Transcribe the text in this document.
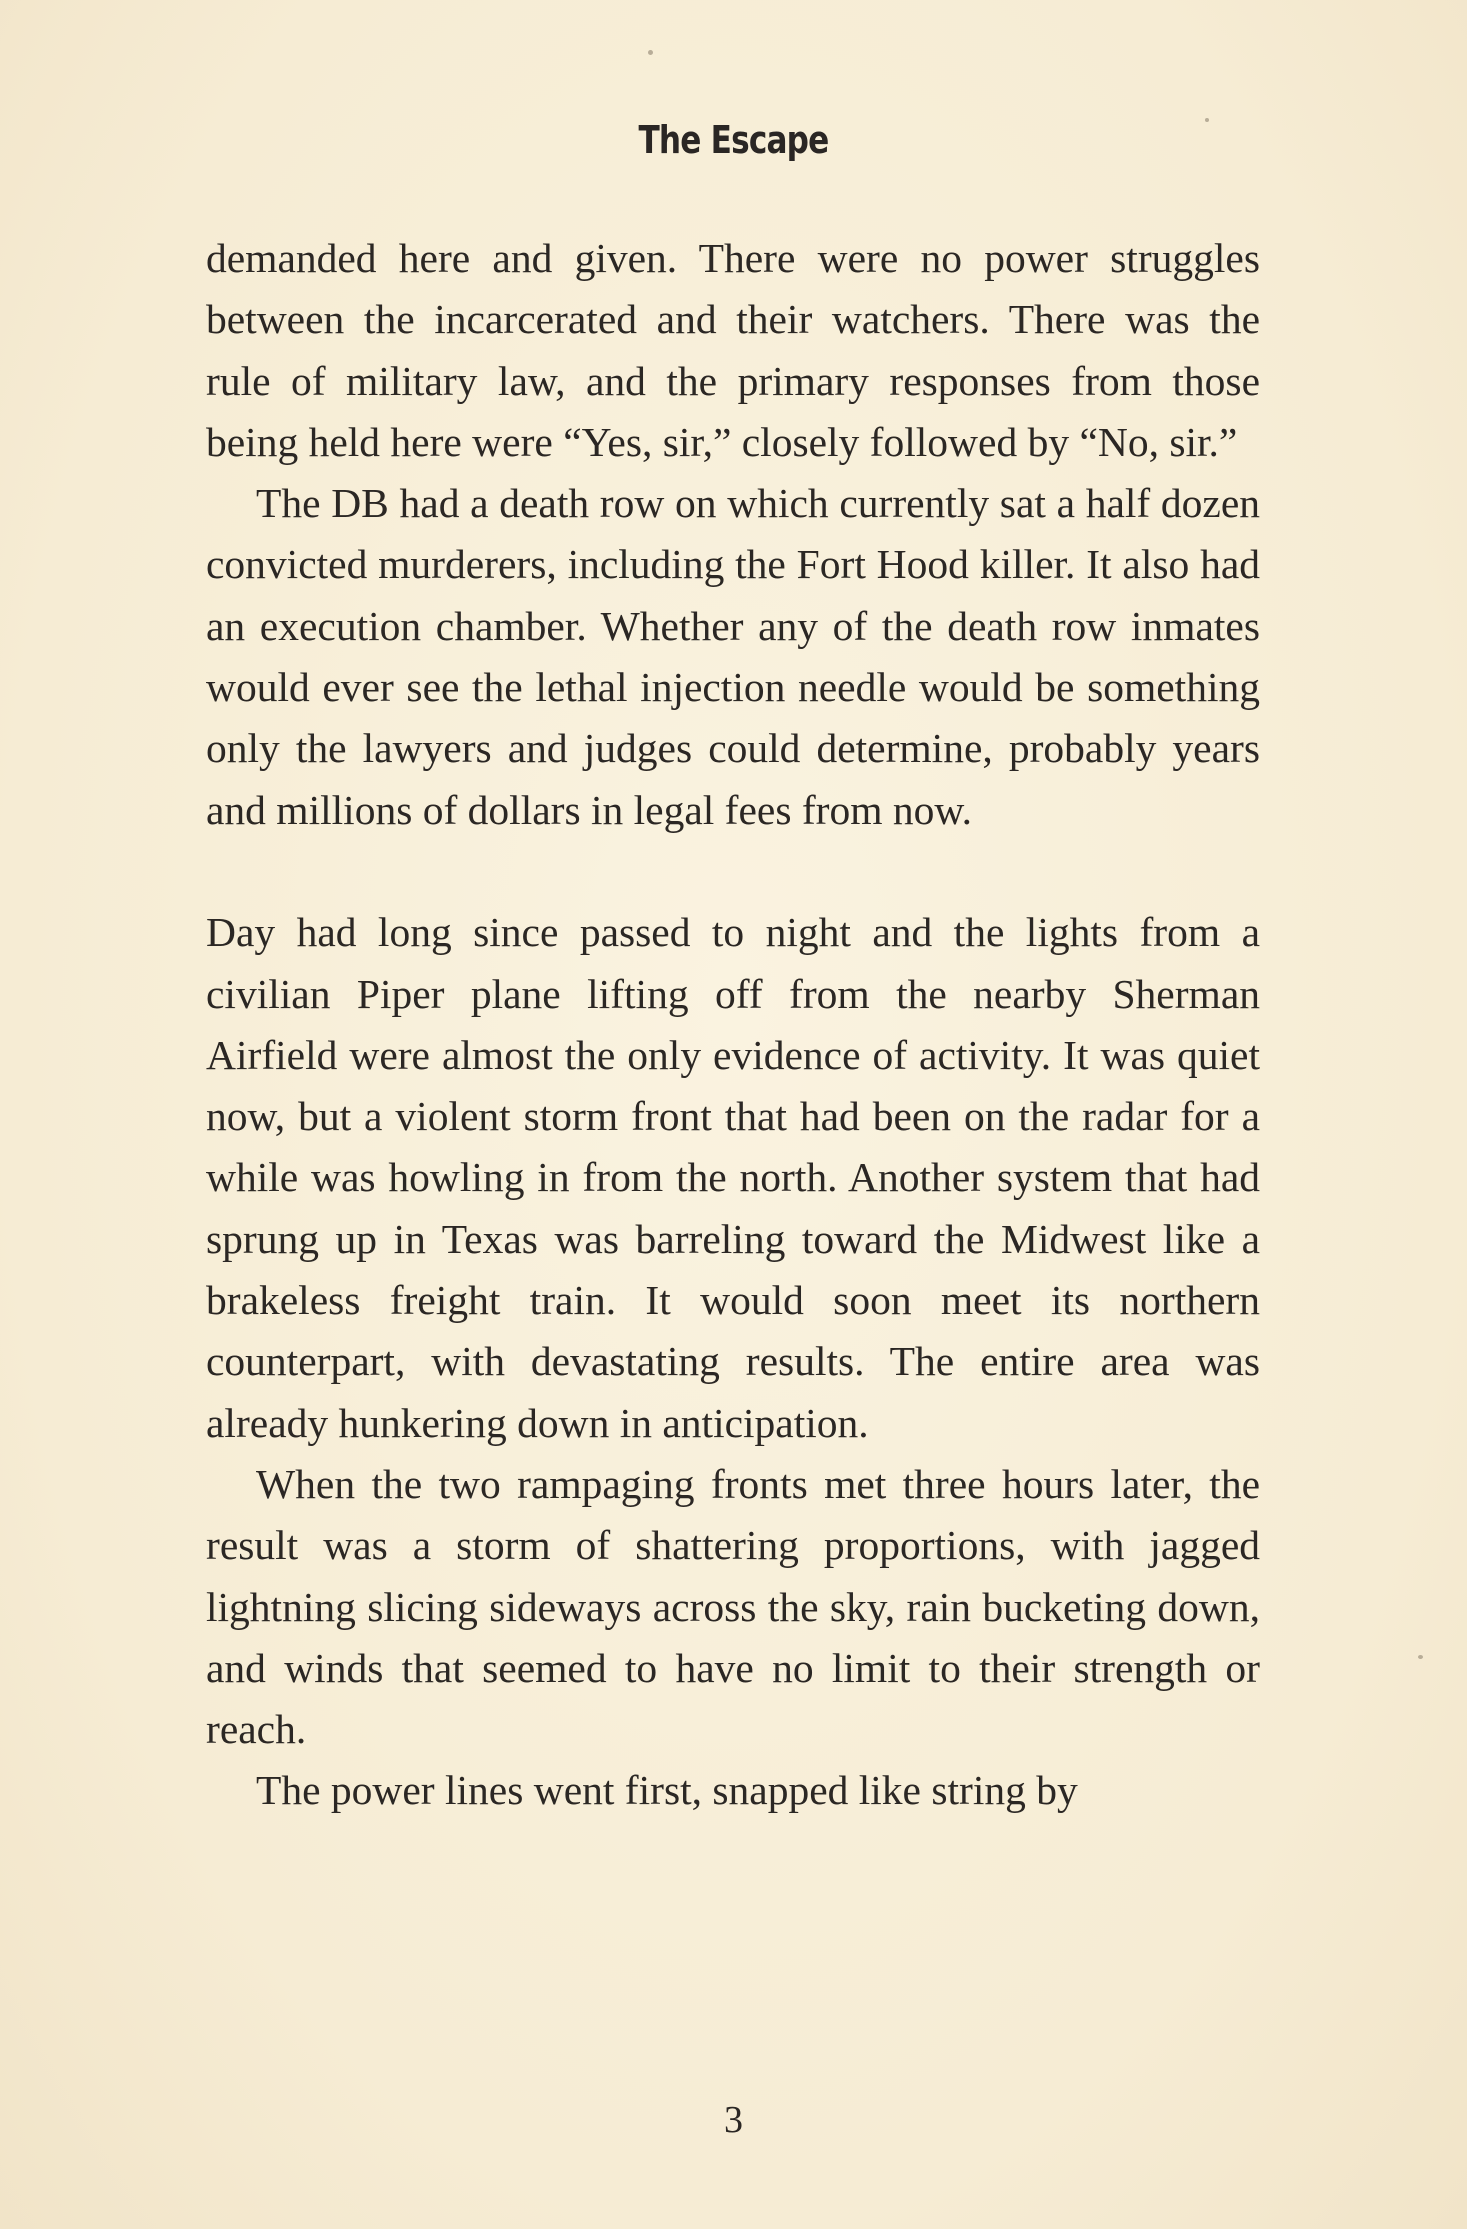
The Escape

demanded here and given. There were no power struggles between the incarcerated and their watchers. There was the rule of military law, and the primary responses from those being held here were “Yes, sir,” closely followed by “No, sir.”

The DB had a death row on which currently sat a half dozen convicted murderers, including the Fort Hood killer. It also had an execution chamber. Whether any of the death row inmates would ever see the lethal injection needle would be something only the lawyers and judges could determine, probably years and millions of dollars in legal fees from now.

Day had long since passed to night and the lights from a civilian Piper plane lifting off from the nearby Sherman Airfield were almost the only evidence of activity. It was quiet now, but a violent storm front that had been on the radar for a while was howling in from the north. Another system that had sprung up in Texas was barreling toward the Midwest like a brakeless freight train. It would soon meet its northern counterpart, with devastating results. The entire area was already hunkering down in anticipation.

When the two rampaging fronts met three hours later, the result was a storm of shattering proportions, with jagged lightning slicing sideways across the sky, rain bucketing down, and winds that seemed to have no limit to their strength or reach.

The power lines went first, snapped like string by

3
